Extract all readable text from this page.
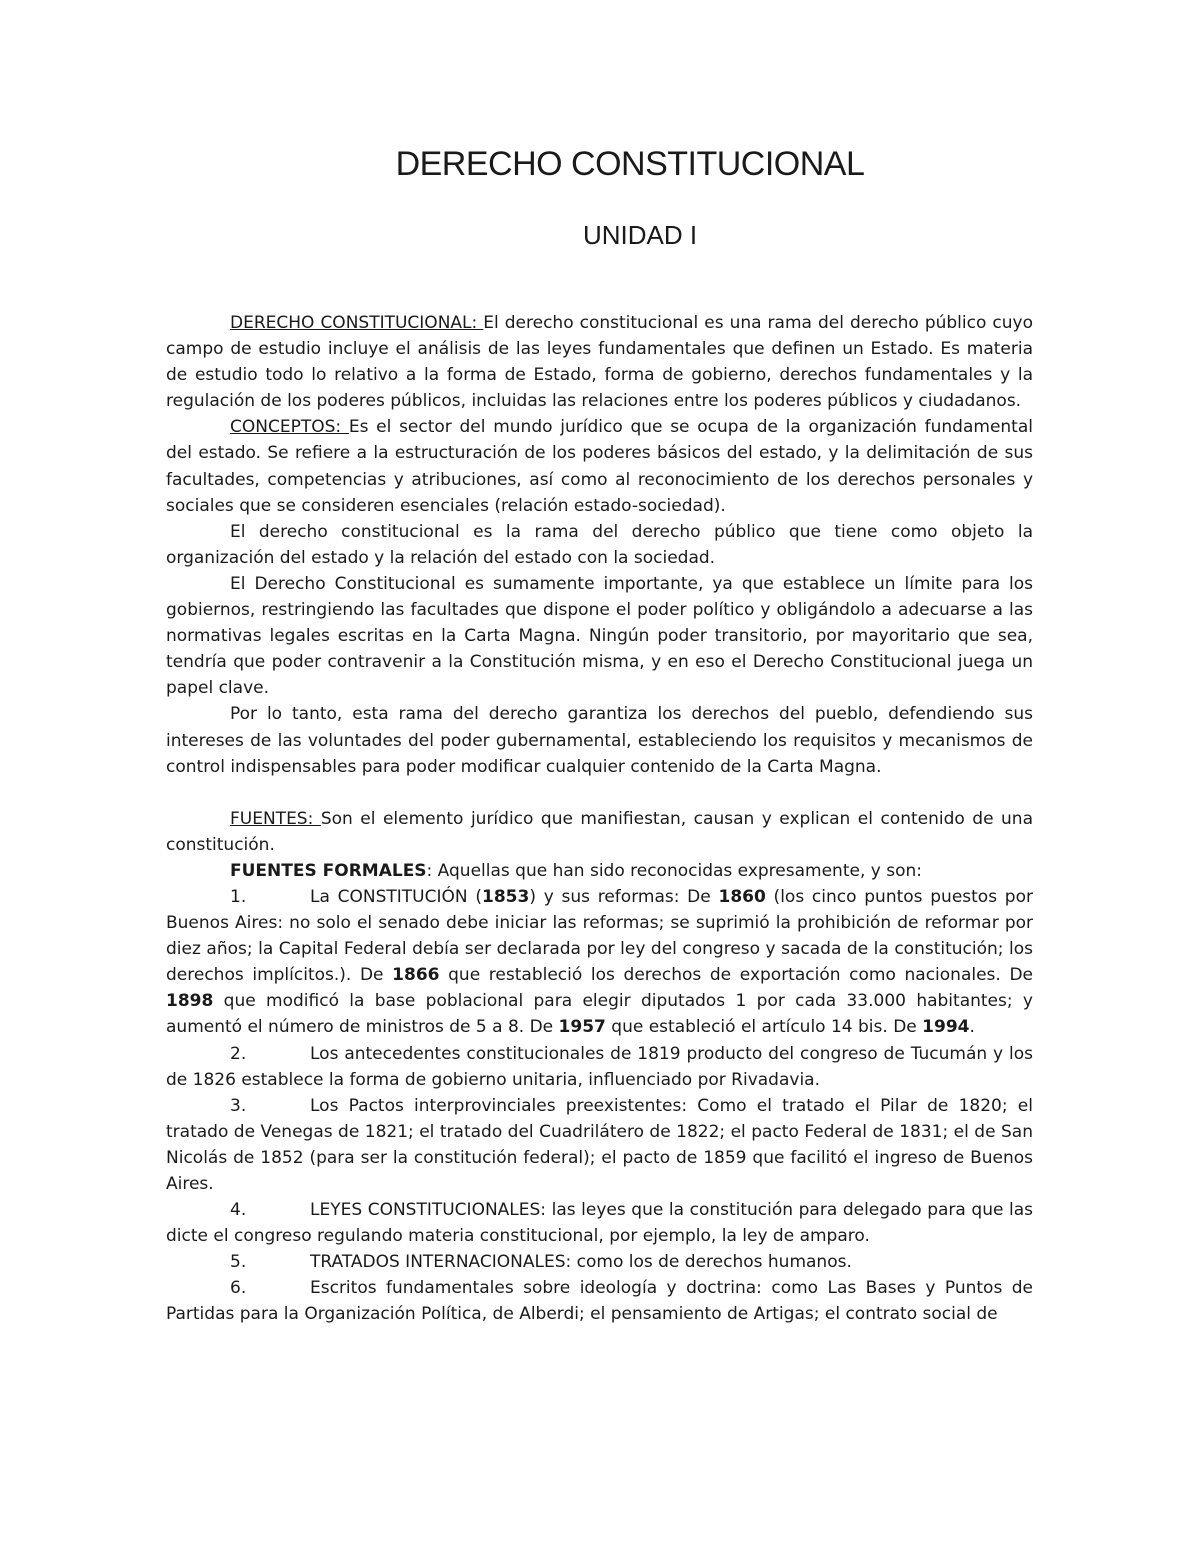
DERECHO CONSTITUCIONAL
UNIDAD I

DERECHO CONSTITUCIONAL: El derecho constitucional es una rama del derecho público cuyo campo de estudio incluye el análisis de las leyes fundamentales que definen un Estado. Es materia de estudio todo lo relativo a la forma de Estado, forma de gobierno, derechos fundamentales y la regulación de los poderes públicos, incluidas las relaciones entre los poderes públicos y ciudadanos.

CONCEPTOS: Es el sector del mundo jurídico que se ocupa de la organización fundamental del estado. Se refiere a la estructuración de los poderes básicos del estado, y la delimitación de sus facultades, competencias y atribuciones, así como al reconocimiento de los derechos personales y sociales que se consideren esenciales (relación estado-sociedad).

El derecho constitucional es la rama del derecho público que tiene como objeto la organización del estado y la relación del estado con la sociedad.

El Derecho Constitucional es sumamente importante, ya que establece un límite para los gobiernos, restringiendo las facultades que dispone el poder político y obligándolo a adecuarse a las normativas legales escritas en la Carta Magna. Ningún poder transitorio, por mayoritario que sea, tendría que poder contravenir a la Constitución misma, y en eso el Derecho Constitucional juega un papel clave.

Por lo tanto, esta rama del derecho garantiza los derechos del pueblo, defendiendo sus intereses de las voluntades del poder gubernamental, estableciendo los requisitos y mecanismos de control indispensables para poder modificar cualquier contenido de la Carta Magna.

FUENTES: Son el elemento jurídico que manifiestan, causan y explican el contenido de una constitución.

FUENTES FORMALES: Aquellas que han sido reconocidas expresamente, y son:

1.	La CONSTITUCIÓN (1853) y sus reformas: De 1860 (los cinco puntos puestos por Buenos Aires: no solo el senado debe iniciar las reformas; se suprimió la prohibición de reformar por diez años; la Capital Federal debía ser declarada por ley del congreso y sacada de la constitución; los derechos implícitos.). De 1866 que restableció los derechos de exportación como nacionales. De 1898 que modificó la base poblacional para elegir diputados 1 por cada 33.000 habitantes; y aumentó el número de ministros de 5 a 8. De 1957 que estableció el artículo 14 bis. De 1994.

2.	Los antecedentes constitucionales de 1819 producto del congreso de Tucumán y los de 1826 establece la forma de gobierno unitaria, influenciado por Rivadavia.

3.	Los Pactos interprovinciales preexistentes: Como el tratado el Pilar de 1820; el tratado de Venegas de 1821; el tratado del Cuadrilátero de 1822; el pacto Federal de 1831; el de San Nicolás de 1852 (para ser la constitución federal); el pacto de 1859 que facilitó el ingreso de Buenos Aires.

4.	LEYES CONSTITUCIONALES: las leyes que la constitución para delegado para que las dicte el congreso regulando materia constitucional, por ejemplo, la ley de amparo.

5.	TRATADOS INTERNACIONALES: como los de derechos humanos.

6.	Escritos fundamentales sobre ideología y doctrina: como Las Bases y Puntos de Partidas para la Organización Política, de Alberdi; el pensamiento de Artigas; el contrato social de
